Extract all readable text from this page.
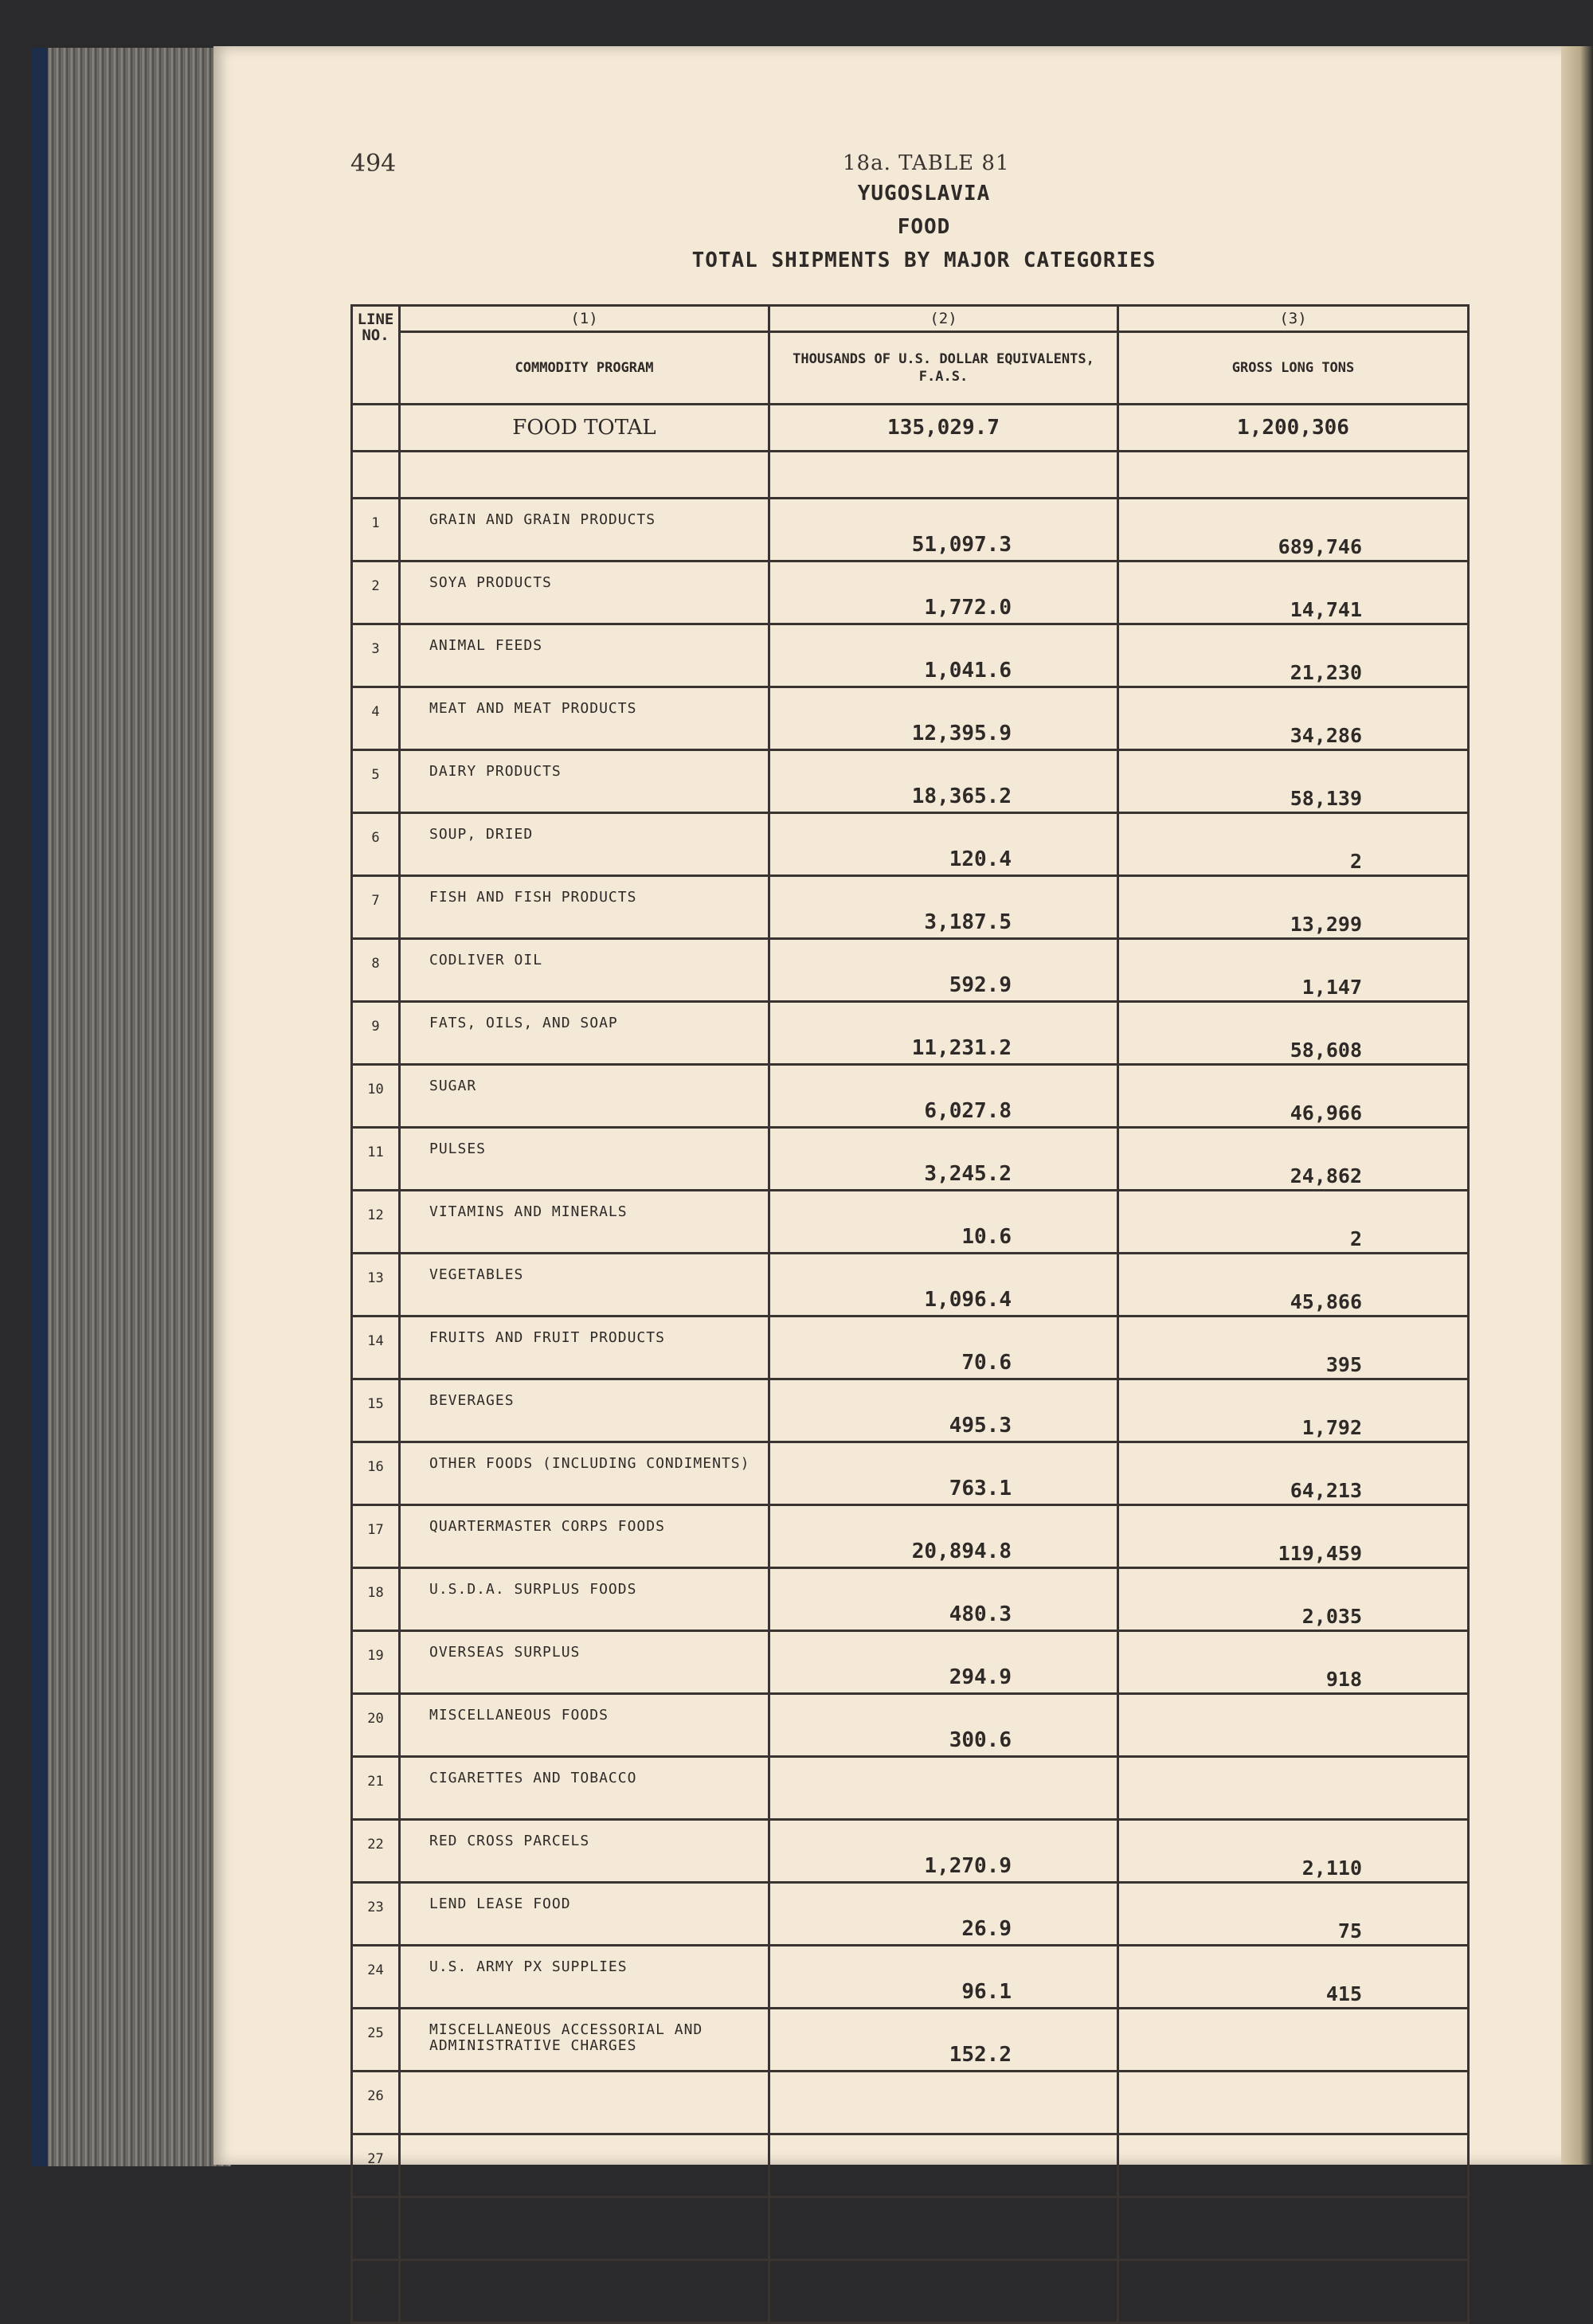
494	18a. TABLE 81
YUGOSLAVIA
FOOD
TOTAL SHIPMENTS BY MAJOR CATEGORIES
LINE NO.	(1)	(2)	(3)
	COMMODITY PROGRAM	THOUSANDS OF U.S. DOLLAR EQUIVALENTS, F.A.S.	GROSS LONG TONS
	FOOD TOTAL	135,029.7	1,200,306

1	GRAIN AND GRAIN PRODUCTS	51,097.3	689,746
2	SOYA PRODUCTS	1,772.0	14,741
3	ANIMAL FEEDS	1,041.6	21,230
4	MEAT AND MEAT PRODUCTS	12,395.9	34,286
5	DAIRY PRODUCTS	18,365.2	58,139
6	SOUP, DRIED	120.4	2
7	FISH AND FISH PRODUCTS	3,187.5	13,299
8	CODLIVER OIL	592.9	1,147
9	FATS, OILS, AND SOAP	11,231.2	58,608
10	SUGAR	6,027.8	46,966
11	PULSES	3,245.2	24,862
12	VITAMINS AND MINERALS	10.6	2
13	VEGETABLES	1,096.4	45,866
14	FRUITS AND FRUIT PRODUCTS	70.6	395
15	BEVERAGES	495.3	1,792
16	OTHER FOODS (INCLUDING CONDIMENTS)	763.1	64,213
17	QUARTERMASTER CORPS FOODS	20,894.8	119,459
18	U.S.D.A. SURPLUS FOODS	480.3	2,035
19	OVERSEAS SURPLUS	294.9	918
20	MISCELLANEOUS FOODS	300.6	
21	CIGARETTES AND TOBACCO		
22	RED CROSS PARCELS	1,270.9	2,110
23	LEND LEASE FOOD	26.9	75
24	U.S. ARMY PX SUPPLIES	96.1	415
25	MISCELLANEOUS ACCESSORIAL AND ADMINISTRATIVE CHARGES	152.2	
26			
27			
28			
29			
